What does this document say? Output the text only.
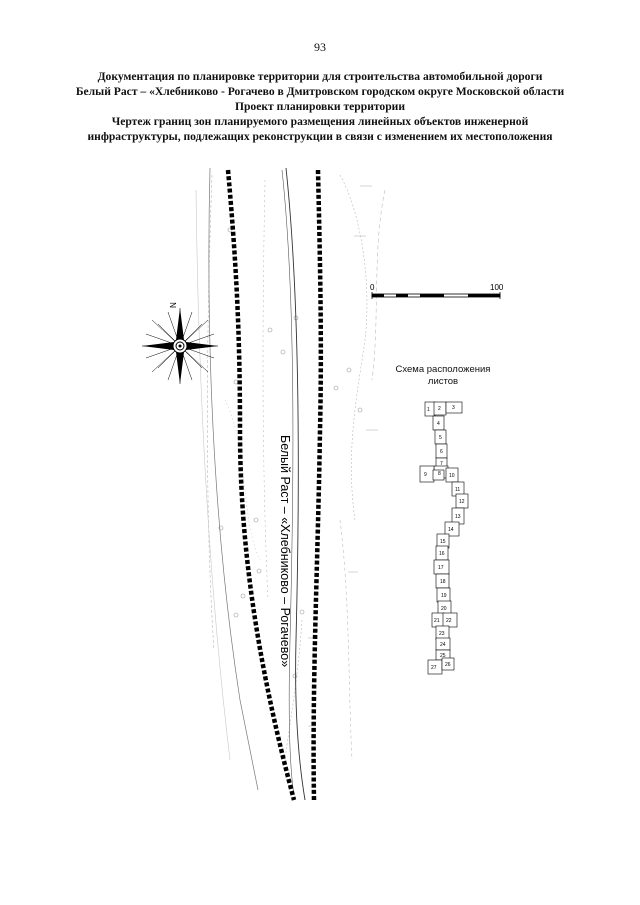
93
Документация по планировке территории для строительства автомобильной дороги
Белый Раст – «Хлебниково - Рогачево в Дмитровском городском округе Московской области
Проект планировки территории
Чертеж границ зон планируемого размещения линейных объектов инженерной
инфраструктуры, подлежащих реконструкции в связи с изменением их местоположения
Белый Раст – «Хлебниково – Рогачево»
0	100
N
1 2 3
4
5
6
7
8
9	10
11
12
13
14
15
16
17
18
19
20
21 22
23
24
25
26
27
Схема расположения
листов
